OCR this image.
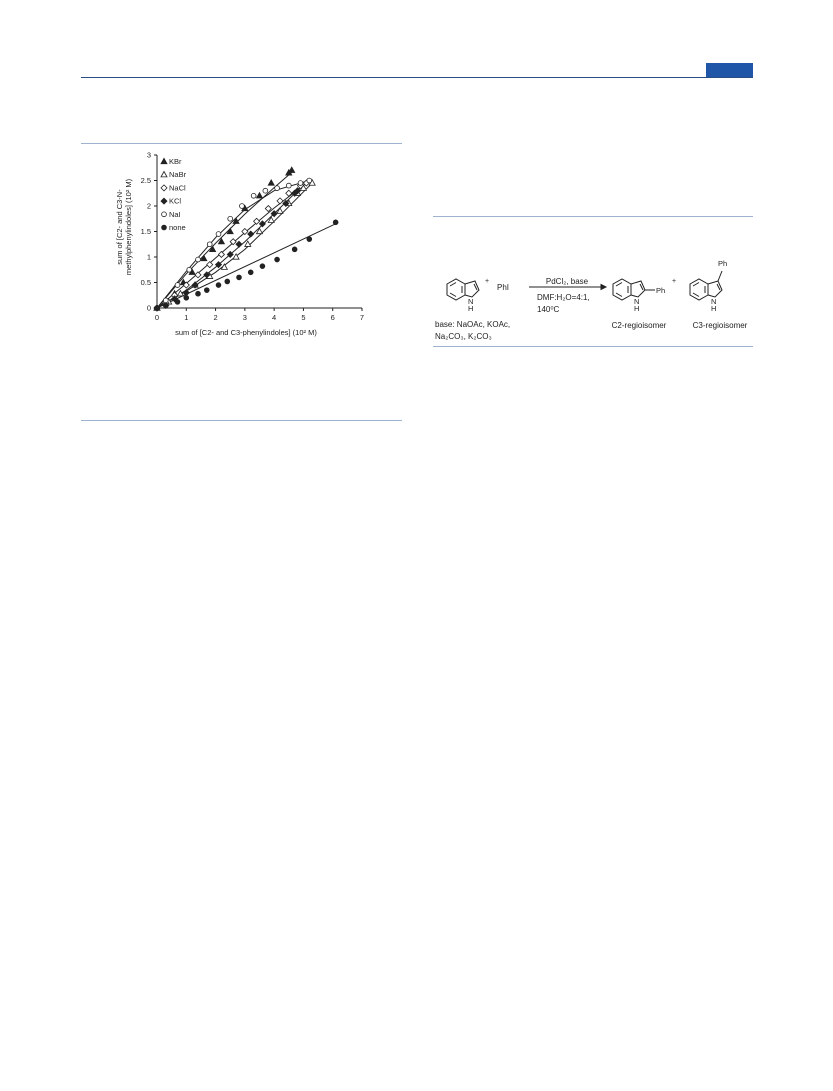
sum of [C2- and C3-N- methylphenylindoles] (10² M)
0
0.5
1
1.5
2
2.5
3
0	1	2	3	4	5	6	7
KBr
NaBr
NaCl
KCl
NaI
none
sum of [C2- and C3-phenylindoles] (10² M)
N
H
+
PhI
PdCl₂, base
DMF:H₂O=4:1,
140⁰C
Ph
N
H
+
Ph
N
H
base: NaOAc, KOAc,
Na₂CO₃, K₂CO₃
C2-regioisomer	C3-regioisomer
